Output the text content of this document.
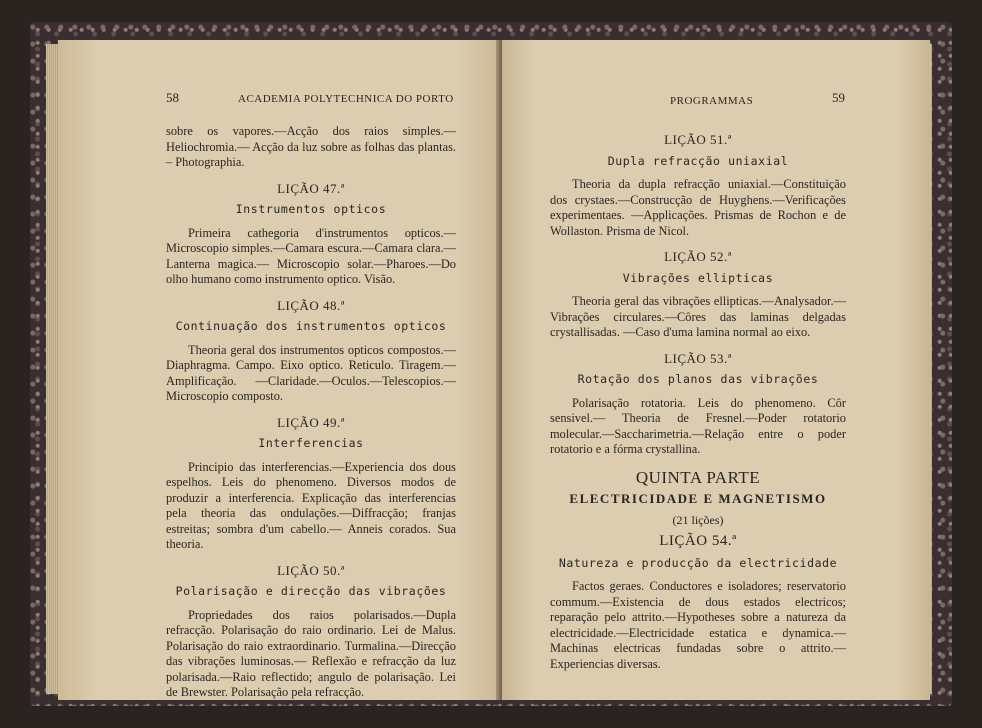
58	ACADEMIA POLYTECHNICA DO PORTO

sobre os vapores.—Acção dos raios simples.—Heliochromia.— Acção da luz sobre as folhas das plantas. – Photographia.

LIÇÃO 47.ª
Instrumentos opticos

Primeira cathegoria d'instrumentos opticos.—Microscopio simples.—Camara escura.—Camara clara.—Lanterna magica.— Microscopio solar.—Pharoes.—Do olho humano como instrumento optico. Visão.

LIÇÃO 48.ª
Continuação dos instrumentos opticos

Theoria geral dos instrumentos opticos compostos.—Diaphragma. Campo. Eixo optico. Reticulo. Tiragem.—Amplificação. —Claridade.—Oculos.—Telescopios.—Microscopio composto.

LIÇÃO 49.ª
Interferencias

Principio das interferencias.—Experiencia dos dous espelhos. Leis do phenomeno. Diversos modos de produzir a interferencia. Explicação das interferencias pela theoria das ondulações.—Diffracção; franjas estreitas; sombra d'um cabello.— Anneis corados. Sua theoria.

LIÇÃO 50.ª
Polarisação e direcção das vibrações

Propriedades dos raios polarisados.—Dupla refracção. Polarisação do raio ordinario. Lei de Malus. Polarisação do raio extraordinario. Turmalina.—Direcção das vibrações luminosas.— Reflexão e refracção da luz polarisada.—Raio reflectido; angulo de polarisação. Lei de Brewster. Polarisação pela refracção.

PROGRAMMAS	59
LIÇÃO 51.ª
Dupla refracção uniaxial

Theoria da dupla refracção uniaxial.—Constituição dos crystaes.—Construcção de Huyghens.—Verificações experimentaes. —Applicações. Prismas de Rochon e de Wollaston. Prisma de Nicol.

LIÇÃO 52.ª
Vibrações ellipticas

Theoria geral das vibrações ellipticas.—Analysador.—Vibrações circulares.—Côres das laminas delgadas crystallisadas. —Caso d'uma lamina normal ao eixo.

LIÇÃO 53.ª
Rotação dos planos das vibrações

Polarisação rotatoria. Leis do phenomeno. Côr sensivel.— Theoria de Fresnel.—Poder rotatorio molecular.—Saccharimetria.—Relação entre o poder rotatorio e a fórma crystallina.

QUINTA PARTE
ELECTRICIDADE E MAGNETISMO
(21 lições)
LIÇÃO 54.ª
Natureza e producção da electricidade

Factos geraes. Conductores e isoladores; reservatorio commum.—Existencia de dous estados electricos; reparação pelo attrito.—Hypotheses sobre a natureza da electricidade.—Electricidade estatica e dynamica.—Machinas electricas fundadas sobre o attrito.—Experiencias diversas.
